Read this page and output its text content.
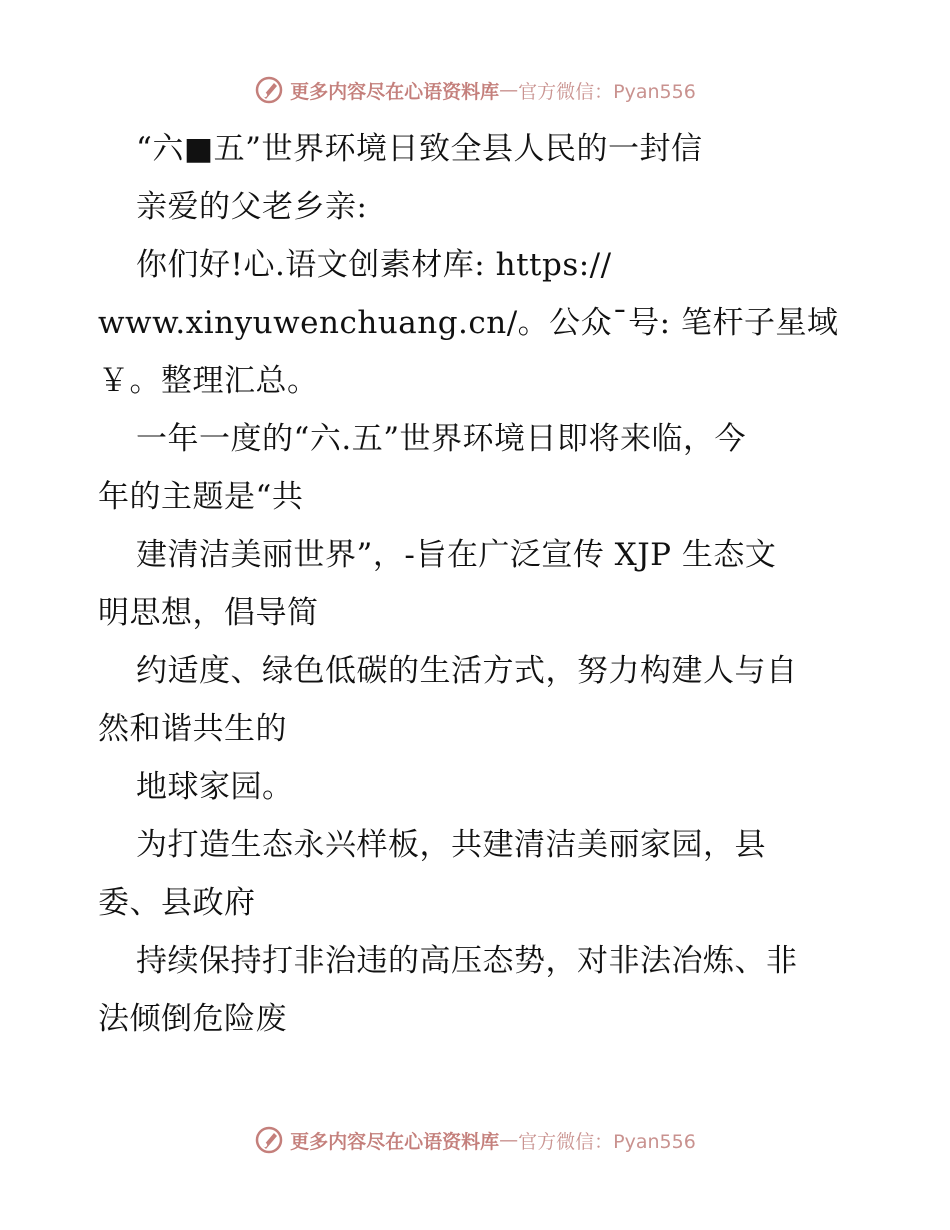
更多内容尽在心语资料库 — 官方微信：Pyan556
“六■五”世界环境日致全县人民的一封信
亲爱的父老乡亲:
你们好!心.语文创素材库: https://
www.xinyuwenchuang.cn/。公众¯号: 笔杆子星域
￥。整理汇总。
一年一度的“六.五”世界环境日即将来临，今
年的主题是“共
建清洁美丽世界”，-旨在广泛宣传 XJP 生态文
明思想，倡导简
约适度、绿色低碳的生活方式，努力构建人与自
然和谐共生的
地球家园。
为打造生态永兴样板，共建清洁美丽家园，县
委、县政府
持续保持打非治违的高压态势，对非法冶炼、非
法倾倒危险废
更多内容尽在心语资料库 — 官方微信：Pyan556
